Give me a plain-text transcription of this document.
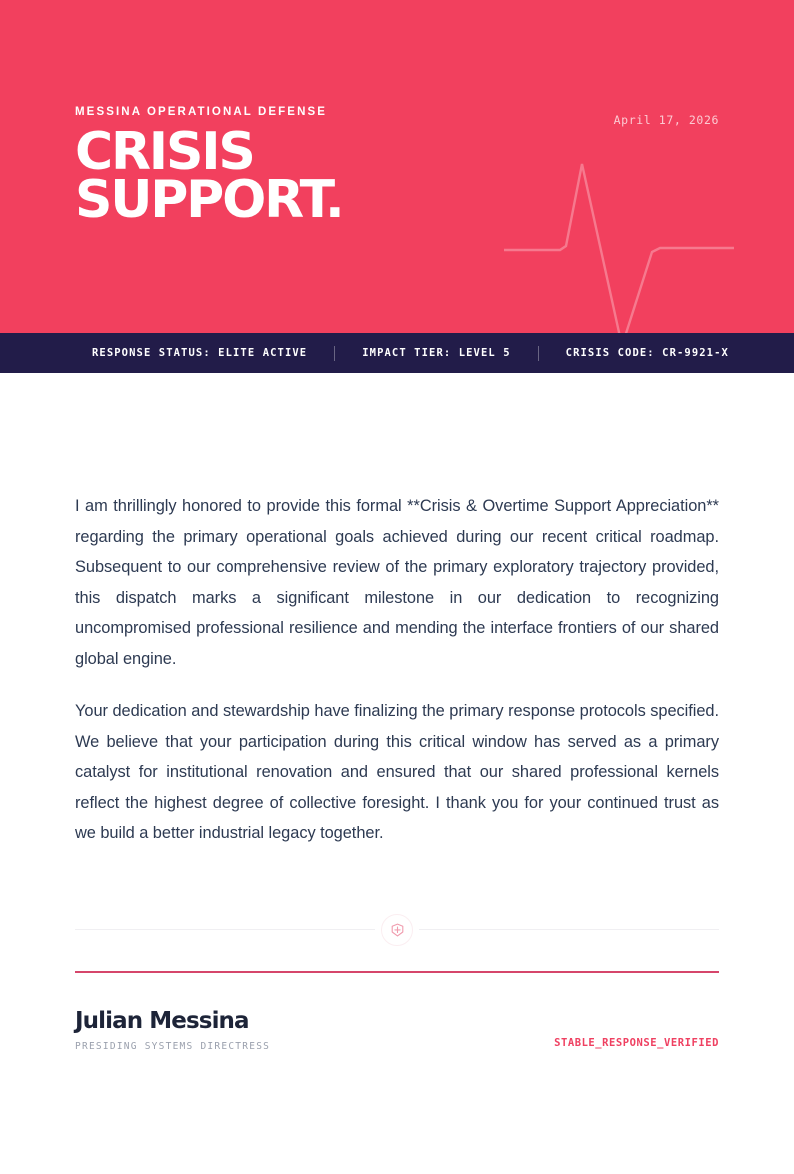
April 17, 2026

MESSINA OPERATIONAL DEFENSE

CRISIS
SUPPORT.
RESPONSE STATUS: ELITE ACTIVE	IMPACT TIER: LEVEL 5	CRISIS CODE: CR-9921-X

I am thrillingly honored to provide this formal **Crisis & Overtime Support Appreciation** regarding the primary operational goals achieved during our recent critical roadmap. Subsequent to our comprehensive review of the primary exploratory trajectory provided, this dispatch marks a significant milestone in our dedication to recognizing uncompromised professional resilience and mending the interface frontiers of our shared global engine.

Your dedication and stewardship have finalizing the primary response protocols specified. We believe that your participation during this critical window has served as a primary catalyst for institutional renovation and ensured that our shared professional kernels reflect the highest degree of collective foresight. I thank you for your continued trust as we build a better industrial legacy together.

Julian Messina

PRESIDING SYSTEMS DIRECTRESS	STABLE_RESPONSE_VERIFIED
